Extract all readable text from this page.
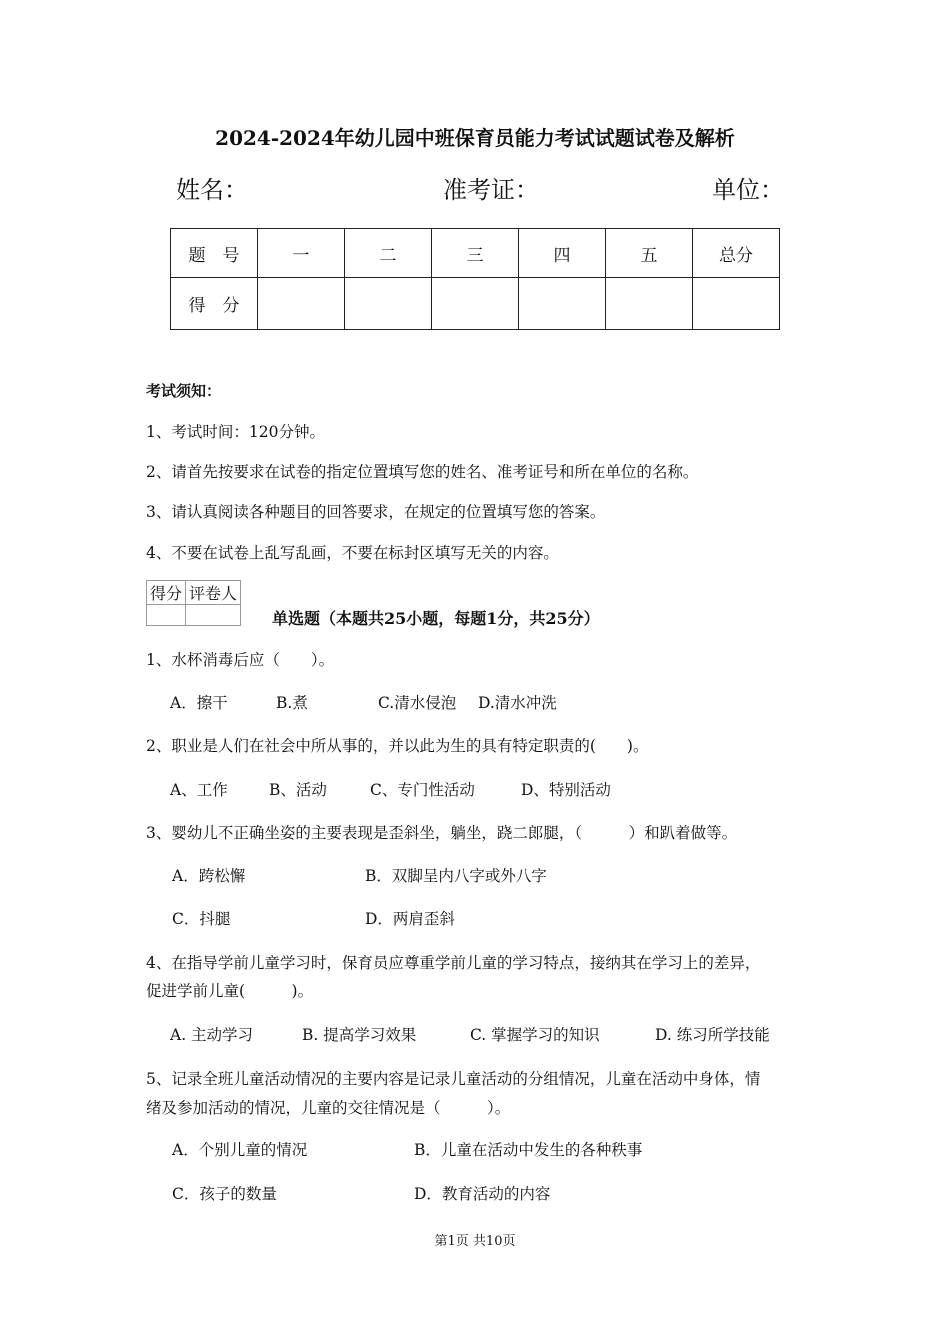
2024-2024年幼儿园中班保育员能力考试试题试卷及解析
姓名：	准考证：	单位：
题　号	一	二	三	四	五	总分
得　分						
考试须知：
1、考试时间：120分钟。
2、请首先按要求在试卷的指定位置填写您的姓名、准考证号和所在单位的名称。
3、请认真阅读各种题目的回答要求，在规定的位置填写您的答案。
4、不要在试卷上乱写乱画，不要在标封区填写无关的内容。
得分	评卷人

单选题（本题共25小题，每题1分，共25分）
1、水杯消毒后应（　　）。
A．擦干	B.煮	C.清水侵泡 D.清水冲洗
2、职业是人们在社会中所从事的，并以此为生的具有特定职责的(　　)。
A、工作	B、活动	C、专门性活动	D、特别活动
3、婴幼儿不正确坐姿的主要表现是歪斜坐，躺坐，跷二郎腿，（　　　）和趴着做等。
A．跨松懈	B．双脚呈内八字或外八字
C．抖腿	D．两肩歪斜
4、在指导学前儿童学习时，保育员应尊重学前儿童的学习特点，接纳其在学习上的差异，
促进学前儿童(　　　)。
A. 主动学习	B. 提高学习效果	C. 掌握学习的知识	D. 练习所学技能
5、记录全班儿童活动情况的主要内容是记录儿童活动的分组情况，儿童在活动中身体，情
绪及参加活动的情况，儿童的交往情况是（　　　）。
A．个别儿童的情况	B．儿童在活动中发生的各种秩事
C．孩子的数量	D．教育活动的内容
第1页 共10页
